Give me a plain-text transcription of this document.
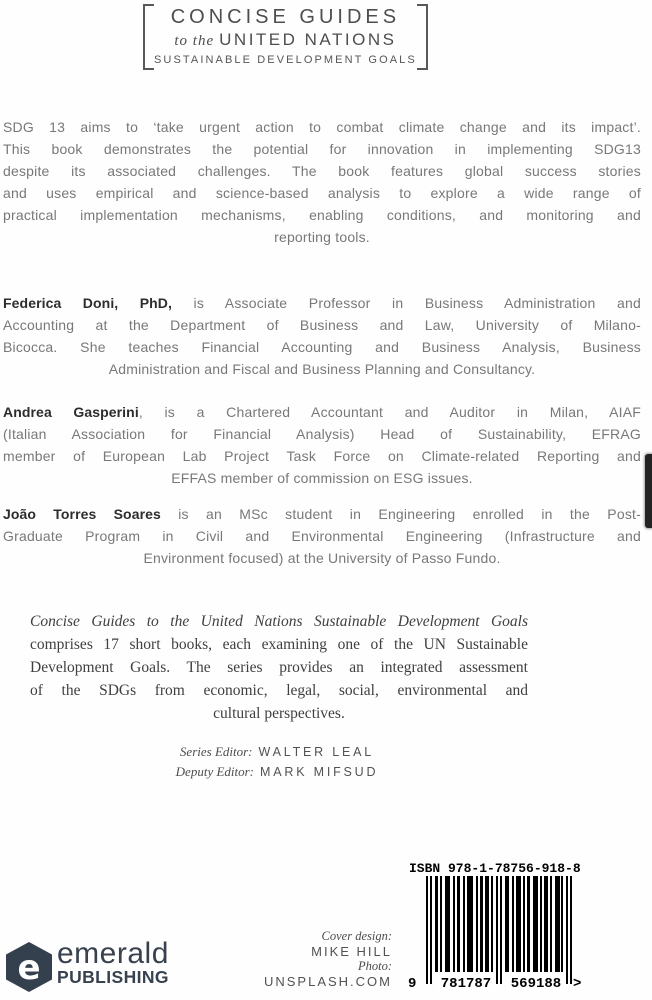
CONCISE GUIDES
to the UNITED NATIONS
SUSTAINABLE DEVELOPMENT GOALS
SDG 13 aims to ‘take urgent action to combat climate change and its impact’.
This book demonstrates the potential for innovation in implementing SDG13
despite its associated challenges. The book features global success stories
and uses empirical and science-based analysis to explore a wide range of
practical implementation mechanisms, enabling conditions, and monitoring and
reporting tools.
Federica Doni, PhD, is Associate Professor in Business Administration and
Accounting at the Department of Business and Law, University of Milano-
Bicocca. She teaches Financial Accounting and Business Analysis, Business
Administration and Fiscal and Business Planning and Consultancy.
Andrea Gasperini, is a Chartered Accountant and Auditor in Milan, AIAF
(Italian Association for Financial Analysis) Head of Sustainability, EFRAG
member of European Lab Project Task Force on Climate-related Reporting and
EFFAS member of commission on ESG issues.
João Torres Soares is an MSc student in Engineering enrolled in the Post-
Graduate Program in Civil and Environmental Engineering (Infrastructure and
Environment focused) at the University of Passo Fundo.
Concise Guides to the United Nations Sustainable Development Goals
comprises 17 short books, each examining one of the UN Sustainable
Development Goals. The series provides an integrated assessment
of the SDGs from economic, legal, social, environmental and
cultural perspectives.
Series Editor: WALTER LEAL
Deputy Editor: MARK MIFSUD
Cover design:
MIKE HILL
Photo:
UNSPLASH.COM
e emerald
PUBLISHING
ISBN 978-1-78756-918-8
9 781787 569188 >
